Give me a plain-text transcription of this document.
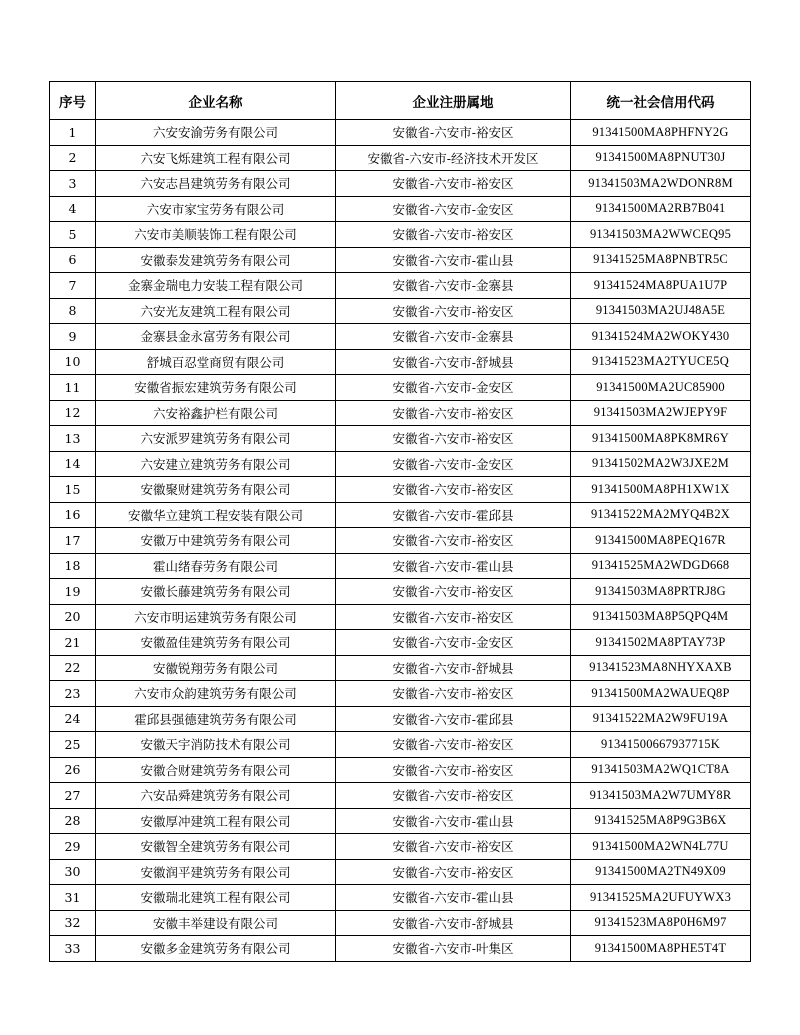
序号	企业名称	企业注册属地	统一社会信用代码
1	六安安渝劳务有限公司	安徽省-六安市-裕安区	91341500MA8PHFNY2G
2	六安飞烁建筑工程有限公司	安徽省-六安市-经济技术开发区	91341500MA8PNUT30J
3	六安志昌建筑劳务有限公司	安徽省-六安市-裕安区	91341503MA2WDONR8M
4	六安市家宝劳务有限公司	安徽省-六安市-金安区	91341500MA2RB7B041
5	六安市美顺装饰工程有限公司	安徽省-六安市-裕安区	91341503MA2WWCEQ95
6	安徽泰发建筑劳务有限公司	安徽省-六安市-霍山县	91341525MA8PNBTR5C
7	金寨金瑞电力安装工程有限公司	安徽省-六安市-金寨县	91341524MA8PUA1U7P
8	六安光友建筑工程有限公司	安徽省-六安市-裕安区	91341503MA2UJ48A5E
9	金寨县金永富劳务有限公司	安徽省-六安市-金寨县	91341524MA2WOKY430
10	舒城百忍堂商贸有限公司	安徽省-六安市-舒城县	91341523MA2TYUCE5Q
11	安徽省振宏建筑劳务有限公司	安徽省-六安市-金安区	91341500MA2UC85900
12	六安裕鑫护栏有限公司	安徽省-六安市-裕安区	91341503MA2WJEPY9F
13	六安派罗建筑劳务有限公司	安徽省-六安市-裕安区	91341500MA8PK8MR6Y
14	六安建立建筑劳务有限公司	安徽省-六安市-金安区	91341502MA2W3JXE2M
15	安徽聚财建筑劳务有限公司	安徽省-六安市-裕安区	91341500MA8PH1XW1X
16	安徽华立建筑工程安装有限公司	安徽省-六安市-霍邱县	91341522MA2MYQ4B2X
17	安徽万中建筑劳务有限公司	安徽省-六安市-裕安区	91341500MA8PEQ167R
18	霍山绪春劳务有限公司	安徽省-六安市-霍山县	91341525MA2WDGD668
19	安徽长藤建筑劳务有限公司	安徽省-六安市-裕安区	91341503MA8PRTRJ8G
20	六安市明运建筑劳务有限公司	安徽省-六安市-裕安区	91341503MA8P5QPQ4M
21	安徽盈佳建筑劳务有限公司	安徽省-六安市-金安区	91341502MA8PTAY73P
22	安徽锐翔劳务有限公司	安徽省-六安市-舒城县	91341523MA8NHYXAXB
23	六安市众韵建筑劳务有限公司	安徽省-六安市-裕安区	91341500MA2WAUEQ8P
24	霍邱县强德建筑劳务有限公司	安徽省-六安市-霍邱县	91341522MA2W9FU19A
25	安徽天宇消防技术有限公司	安徽省-六安市-裕安区	91341500667937715K
26	安徽合财建筑劳务有限公司	安徽省-六安市-裕安区	91341503MA2WQ1CT8A
27	六安品舜建筑劳务有限公司	安徽省-六安市-裕安区	91341503MA2W7UMY8R
28	安徽厚冲建筑工程有限公司	安徽省-六安市-霍山县	91341525MA8P9G3B6X
29	安徽智全建筑劳务有限公司	安徽省-六安市-裕安区	91341500MA2WN4L77U
30	安徽润平建筑劳务有限公司	安徽省-六安市-裕安区	91341500MA2TN49X09
31	安徽瑞北建筑工程有限公司	安徽省-六安市-霍山县	91341525MA2UFUYWX3
32	安徽丰举建设有限公司	安徽省-六安市-舒城县	91341523MA8P0H6M97
33	安徽多金建筑劳务有限公司	安徽省-六安市-叶集区	91341500MA8PHE5T4T
